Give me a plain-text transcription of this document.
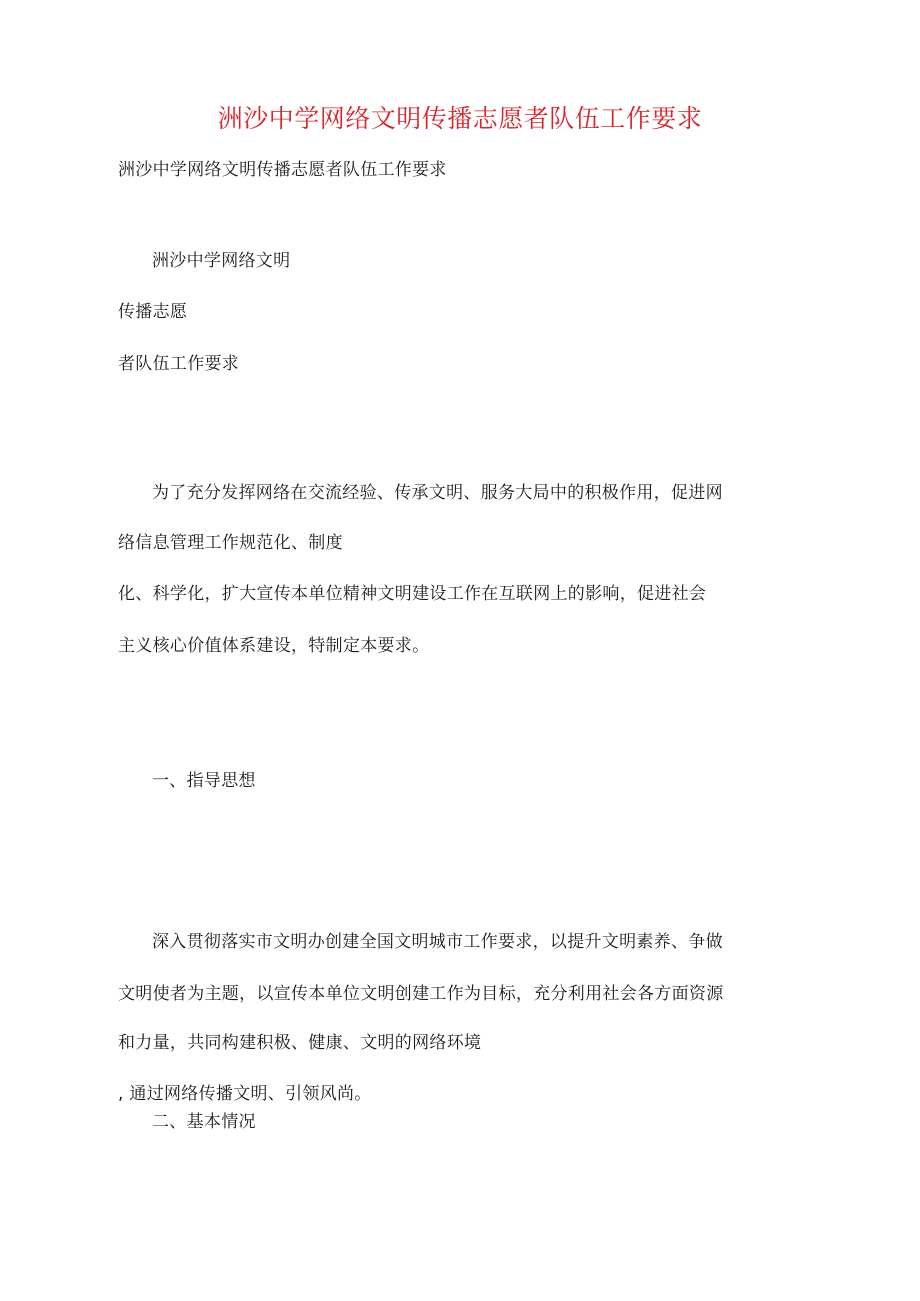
洲沙中学网络文明传播志愿者队伍工作要求

洲沙中学网络文明传播志愿者队伍工作要求

洲沙中学网络文明

传播志愿

者队伍工作要求

为了充分发挥网络在交流经验、传承文明、服务大局中的积极作用，促进网

络信息管理工作规范化、制度

化、科学化，扩大宣传本单位精神文明建设工作在互联网上的影响，促进社会

主义核心价值体系建设，特制定本要求。

一、指导思想

深入贯彻落实市文明办创建全国文明城市工作要求，以提升文明素养、争做

文明使者为主题，以宣传本单位文明创建工作为目标，充分利用社会各方面资源

和力量，共同构建积极、健康、文明的网络环境

, 通过网络传播文明、引领风尚。

二、基本情况
